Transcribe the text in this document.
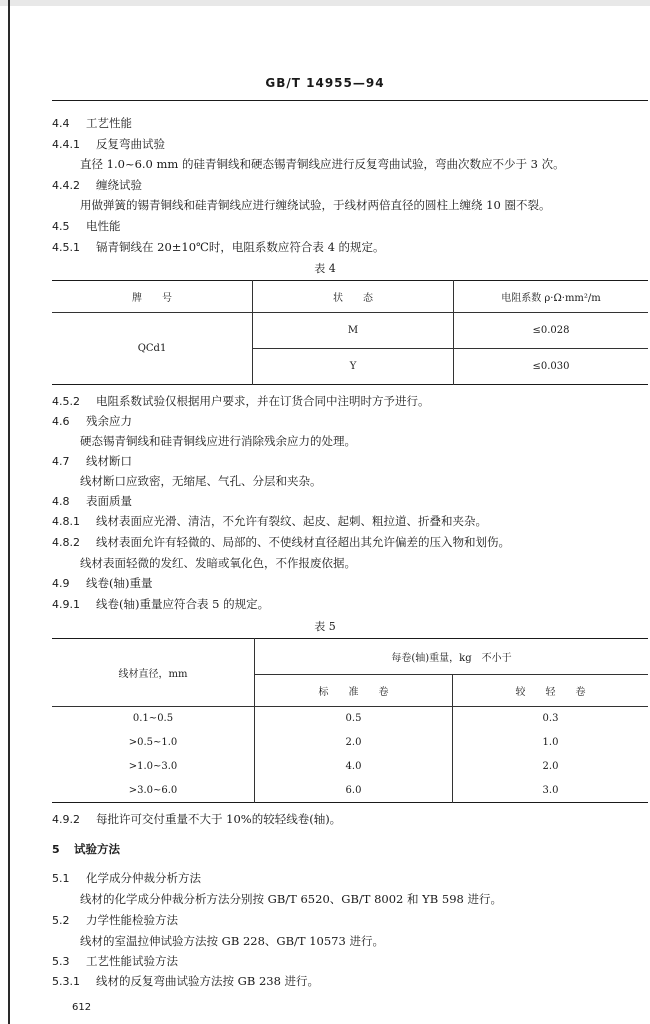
GB/T 14955—94
4.4 工艺性能
4.4.1 反复弯曲试验
直径 1.0~6.0 mm 的硅青铜线和硬态锡青铜线应进行反复弯曲试验，弯曲次数应不少于 3 次。
4.4.2 缠绕试验
用做弹簧的锡青铜线和硅青铜线应进行缠绕试验，于线材两倍直径的圆柱上缠绕 10 圈不裂。
4.5 电性能
4.5.1 镉青铜线在 20±10℃时，电阻系数应符合表 4 的规定。
表 4
牌　　号	状　　态	电阻系数 ρ·Ω·mm²/m
QCd1	M	≤0.028
	Y	≤0.030
4.5.2 电阻系数试验仅根据用户要求，并在订货合同中注明时方予进行。
4.6 残余应力
硬态锡青铜线和硅青铜线应进行消除残余应力的处理。
4.7 线材断口
线材断口应致密，无缩尾、气孔、分层和夹杂。
4.8 表面质量
4.8.1 线材表面应光滑、清洁，不允许有裂纹、起皮、起刺、粗拉道、折叠和夹杂。
4.8.2 线材表面允许有轻微的、局部的、不使线材直径超出其允许偏差的压入物和划伤。
线材表面轻微的发红、发暗或氧化色，不作报废依据。
4.9 线卷(轴)重量
4.9.1 线卷(轴)重量应符合表 5 的规定。
表 5
线材直径，mm	每卷(轴)重量，kg　不小于	
	标　　准　　卷	较　　轻　　卷
0.1~0.5	0.5	0.3
>0.5~1.0	2.0	1.0
>1.0~3.0	4.0	2.0
>3.0~6.0	6.0	3.0
4.9.2 每批许可交付重量不大于 10%的较轻线卷(轴)。
5 试验方法
5.1 化学成分仲裁分析方法
线材的化学成分仲裁分析方法分别按 GB/T 6520、GB/T 8002 和 YB 598 进行。
5.2 力学性能检验方法
线材的室温拉伸试验方法按 GB 228、GB/T 10573 进行。
5.3 工艺性能试验方法
5.3.1 线材的反复弯曲试验方法按 GB 238 进行。
612
